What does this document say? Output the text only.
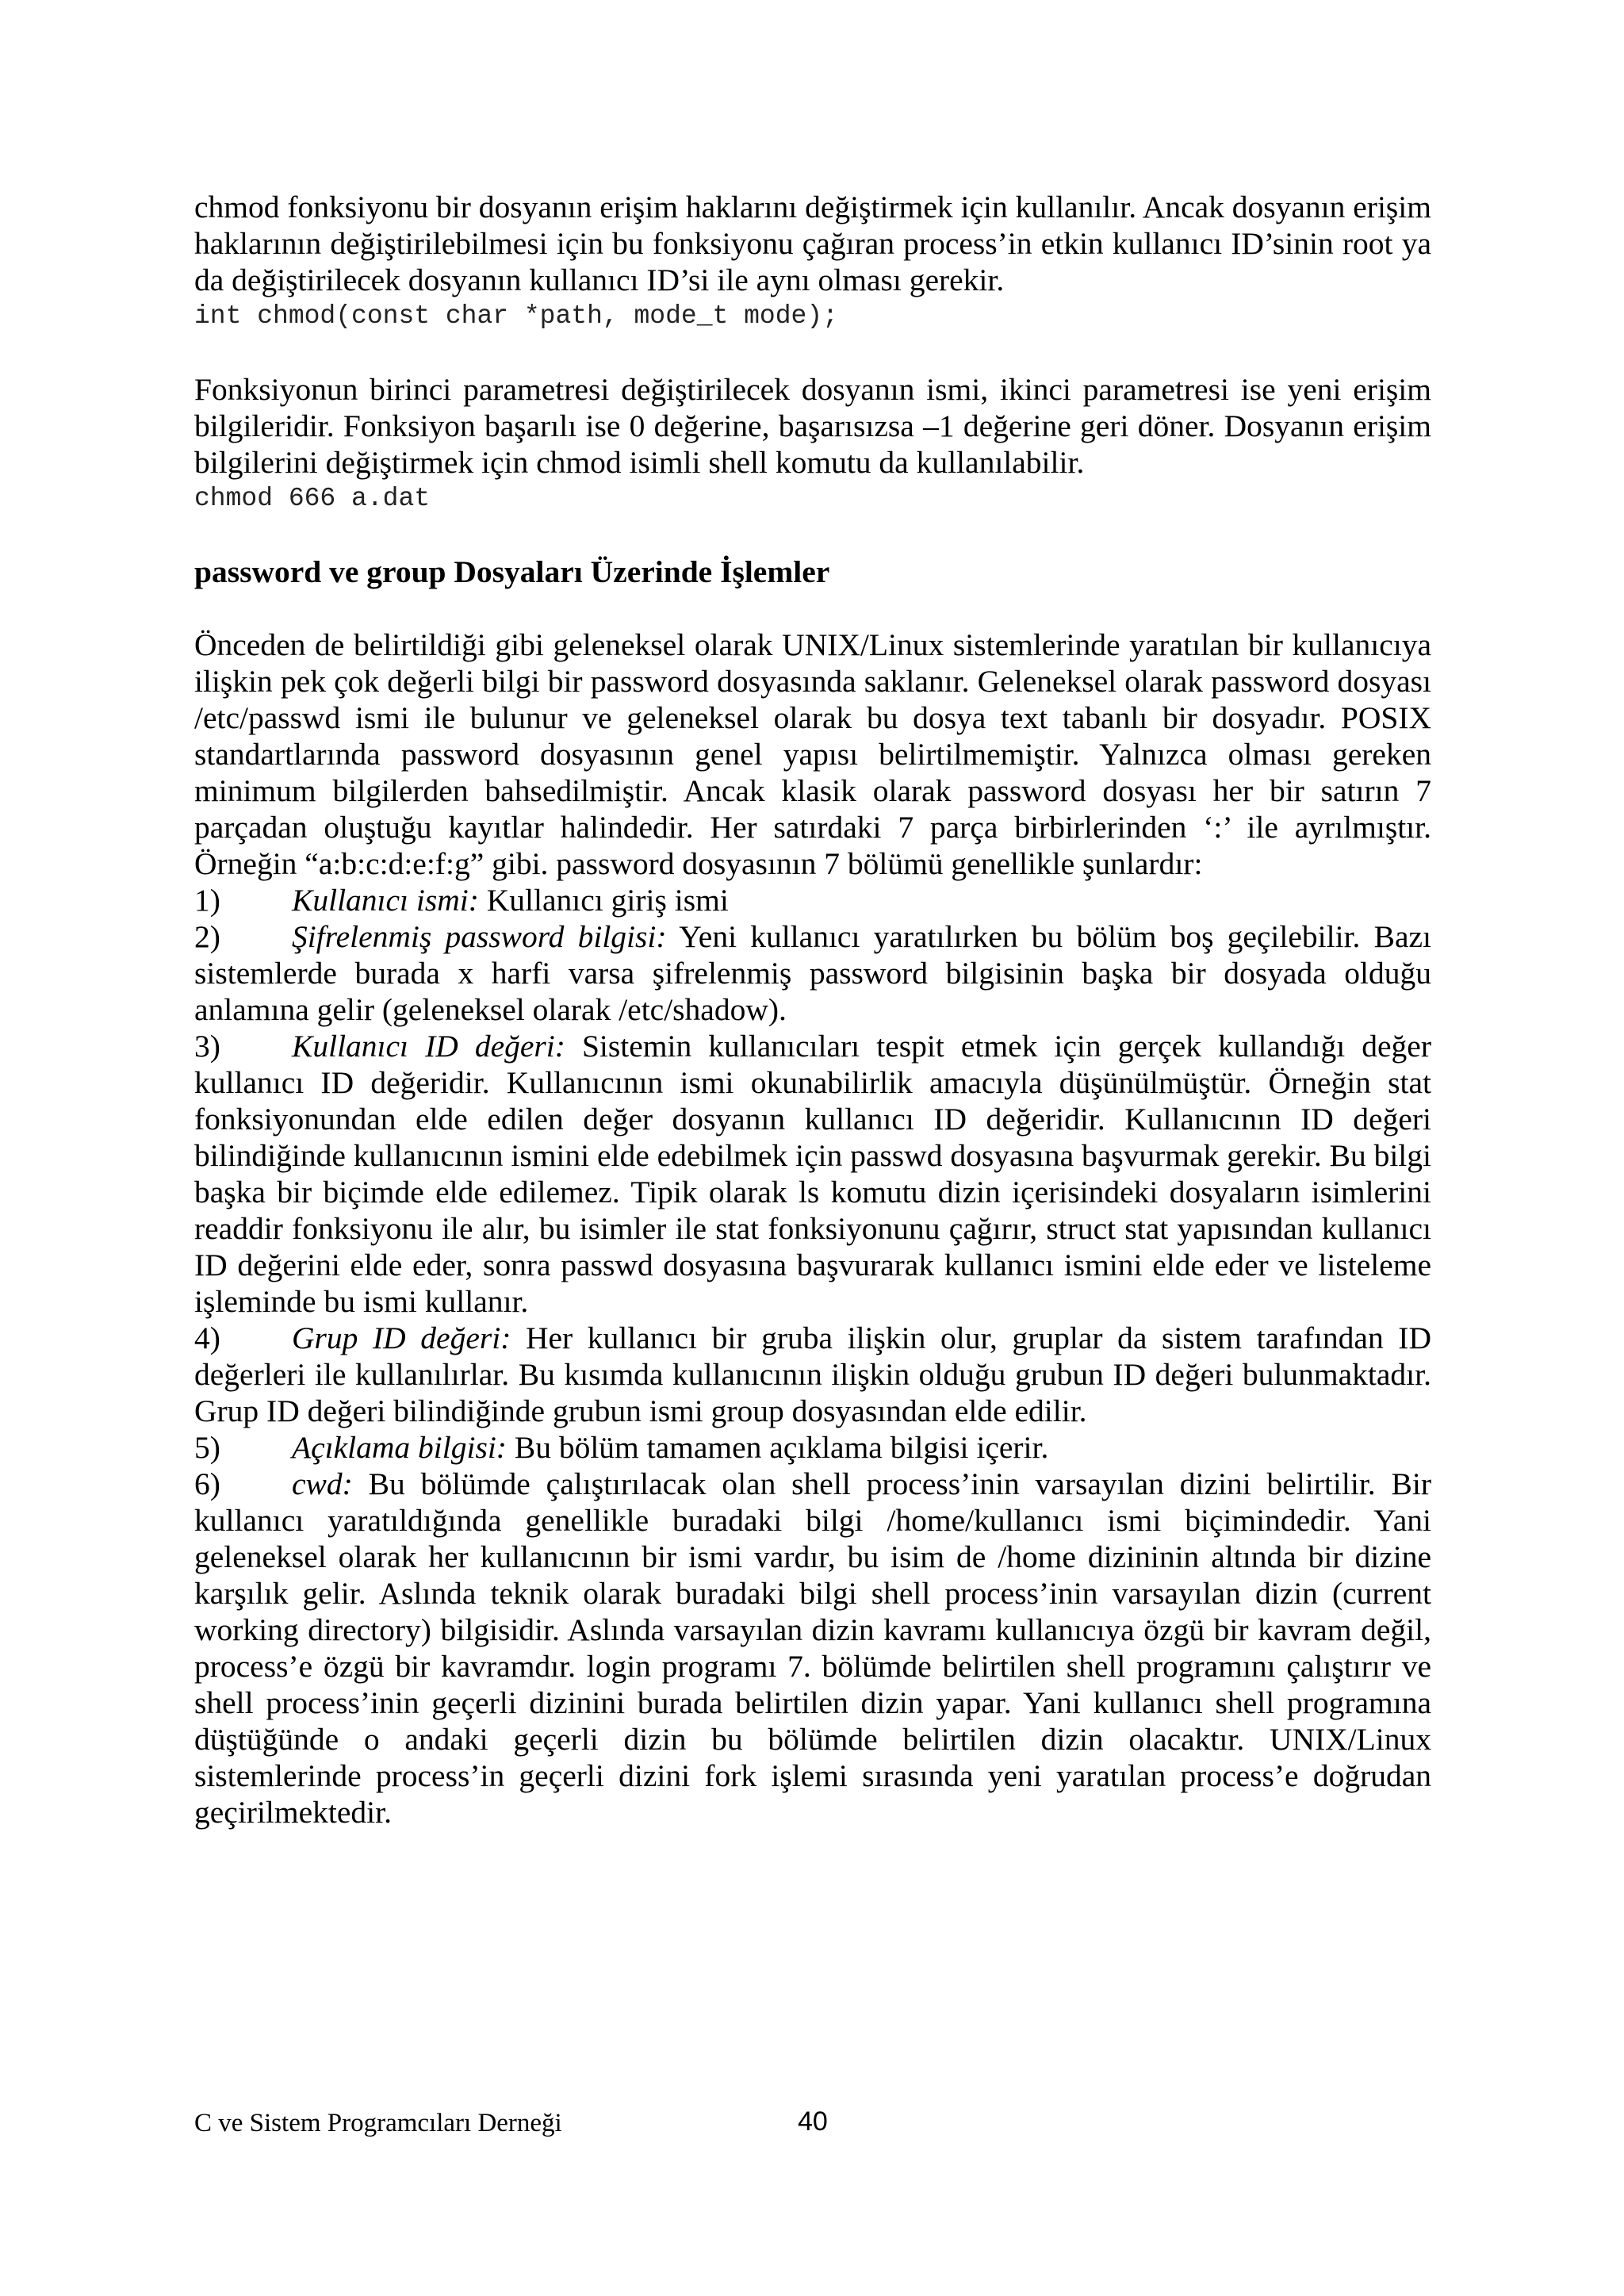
chmod fonksiyonu bir dosyanın erişim haklarını değiştirmek için kullanılır. Ancak dosyanın erişim haklarının değiştirilebilmesi için bu fonksiyonu çağıran process’in etkin kullanıcı ID’sinin root ya da değiştirilecek dosyanın kullanıcı ID’si ile aynı olması gerekir.

int chmod(const char *path, mode_t mode);

Fonksiyonun birinci parametresi değiştirilecek dosyanın ismi, ikinci parametresi ise yeni erişim bilgileridir. Fonksiyon başarılı ise 0 değerine, başarısızsa –1 değerine geri döner. Dosyanın erişim bilgilerini değiştirmek için chmod isimli shell komutu da kullanılabilir.

chmod 666 a.dat
password ve group Dosyaları Üzerinde İşlemler

Önceden de belirtildiği gibi geleneksel olarak UNIX/Linux sistemlerinde yaratılan bir kullanıcıya ilişkin pek çok değerli bilgi bir password dosyasında saklanır. Geleneksel olarak password dosyası /etc/passwd ismi ile bulunur ve geleneksel olarak bu dosya text tabanlı bir dosyadır. POSIX standartlarında password dosyasının genel yapısı belirtilmemiştir. Yalnızca olması gereken minimum bilgilerden bahsedilmiştir. Ancak klasik olarak password dosyası her bir satırın 7 parçadan oluştuğu kayıtlar halindedir. Her satırdaki 7 parça birbirlerinden ‘:’ ile ayrılmıştır. Örneğin “a:b:c:d:e:f:g” gibi. password dosyasının 7 bölümü genellikle şunlardır:

1) Kullanıcı ismi: Kullanıcı giriş ismi
2) Şifrelenmiş password bilgisi: Yeni kullanıcı yaratılırken bu bölüm boş geçilebilir. Bazı sistemlerde burada x harfi varsa şifrelenmiş password bilgisinin başka bir dosyada olduğu anlamına gelir (geleneksel olarak /etc/shadow).
3) Kullanıcı ID değeri: Sistemin kullanıcıları tespit etmek için gerçek kullandığı değer kullanıcı ID değeridir. Kullanıcının ismi okunabilirlik amacıyla düşünülmüştür. Örneğin stat fonksiyonundan elde edilen değer dosyanın kullanıcı ID değeridir. Kullanıcının ID değeri bilindiğinde kullanıcının ismini elde edebilmek için passwd dosyasına başvurmak gerekir. Bu bilgi başka bir biçimde elde edilemez. Tipik olarak ls komutu dizin içerisindeki dosyaların isimlerini readdir fonksiyonu ile alır, bu isimler ile stat fonksiyonunu çağırır, struct stat yapısından kullanıcı ID değerini elde eder, sonra passwd dosyasına başvurarak kullanıcı ismini elde eder ve listeleme işleminde bu ismi kullanır.
4) Grup ID değeri: Her kullanıcı bir gruba ilişkin olur, gruplar da sistem tarafından ID değerleri ile kullanılırlar. Bu kısımda kullanıcının ilişkin olduğu grubun ID değeri bulunmaktadır. Grup ID değeri bilindiğinde grubun ismi group dosyasından elde edilir.
5) Açıklama bilgisi: Bu bölüm tamamen açıklama bilgisi içerir.
6) cwd: Bu bölümde çalıştırılacak olan shell process’inin varsayılan dizini belirtilir. Bir kullanıcı yaratıldığında genellikle buradaki bilgi /home/kullanıcı ismi biçimindedir. Yani geleneksel olarak her kullanıcının bir ismi vardır, bu isim de /home dizininin altında bir dizine karşılık gelir. Aslında teknik olarak buradaki bilgi shell process’inin varsayılan dizin (current working directory) bilgisidir. Aslında varsayılan dizin kavramı kullanıcıya özgü bir kavram değil, process’e özgü bir kavramdır. login programı 7. bölümde belirtilen shell programını çalıştırır ve shell process’inin geçerli dizinini burada belirtilen dizin yapar. Yani kullanıcı shell programına düştüğünde o andaki geçerli dizin bu bölümde belirtilen dizin olacaktır. UNIX/Linux sistemlerinde process’in geçerli dizini fork işlemi sırasında yeni yaratılan process’e doğrudan geçirilmektedir.
C ve Sistem Programcıları Derneği	40
